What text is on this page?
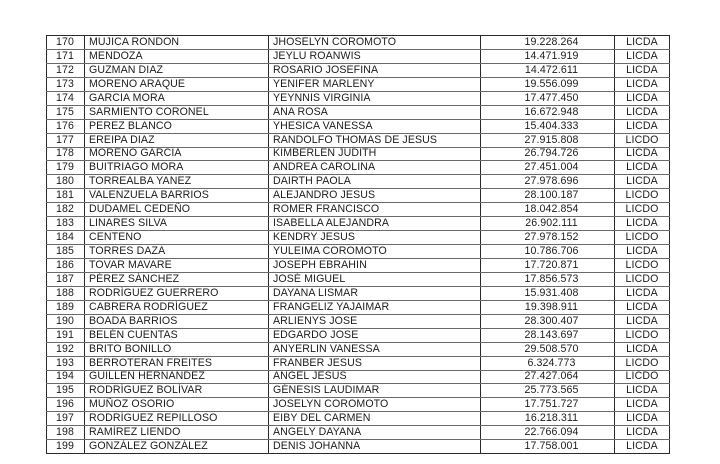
170	MUJICA RONDON	JHOSELYN COROMOTO	19.228.264	LICDA
171	MENDOZA	JEYLU ROANWIS	14.471.919	LICDA
172	GUZMAN DIAZ	ROSARIO JOSEFINA	14.472.611	LICDA
173	MORENO ARAQUE	YENIFER MARLENY	19.556.099	LICDA
174	GARCIA MORA	YEYNNIS VIRGINIA	17.477.450	LICDA
175	SARMIENTO CORONEL	ANA ROSA	16.672.948	LICDA
176	PEREZ BLANCO	YHESICA VANESSA	15.404.333	LICDA
177	EREIPA DIAZ	RANDOLFO THOMAS DE JESUS	27.915.808	LICDO
178	MORENO GARCIA	KIMBERLEN JUDITH	26.794.726	LICDA
179	BUITRIAGO MORA	ANDREA CAROLINA	27.451.004	LICDA
180	TORREALBA YANEZ	DAIRTH PAOLA	27.978.696	LICDA
181	VALENZUELA BARRIOS	ALEJANDRO JESUS	28.100.187	LICDO
182	DUDAMEL CEDEÑO	ROMER FRANCISCO	18.042.854	LICDO
183	LINARES SILVA	ISABELLA ALEJANDRA	26.902.111	LICDA
184	CENTENO	KENDRY JESUS	27.978.152	LICDO
185	TORRES DAZA	YULEIMA COROMOTO	10.786.706	LICDA
186	TOVAR MAVARE	JOSEPH EBRAHIN	17.720.871	LICDO
187	PÉREZ SÁNCHEZ	JOSÉ MIGUEL	17.856.573	LICDO
188	RODRÍGUEZ GUERRERO	DAYANA LISMAR	15.931.408	LICDA
189	CABRERA RODRÍGUEZ	FRANGELIZ YAJAIMAR	19.398.911	LICDA
190	BOADA BARRIOS	ARLIENYS JOSE	28.300.407	LICDA
191	BELÉN CUENTAS	EDGARDO JOSE	28.143.697	LICDO
192	BRITO BONILLO	ANYERLIN VANESSA	29.508.570	LICDA
193	BERROTERAN FREITES	FRANBER JESUS	6.324.773	LICDO
194	GUILLEN HERNÁNDEZ	ANGEL JESUS	27.427.064	LICDO
195	RODRÍGUEZ BOLÍVAR	GÉNESIS LAUDIMAR	25.773.565	LICDA
196	MUÑOZ OSORIO	JOSELYN COROMOTO	17.751.727	LICDA
197	RODRÍGUEZ REPILLOSO	EIBY DEL CARMEN	16.218.311	LICDA
198	RAMÍREZ LIENDO	ANGELY DAYANA	22.766.094	LICDA
199	GONZÁLEZ GONZÁLEZ	DENIS JOHANNA	17.758.001	LICDA
